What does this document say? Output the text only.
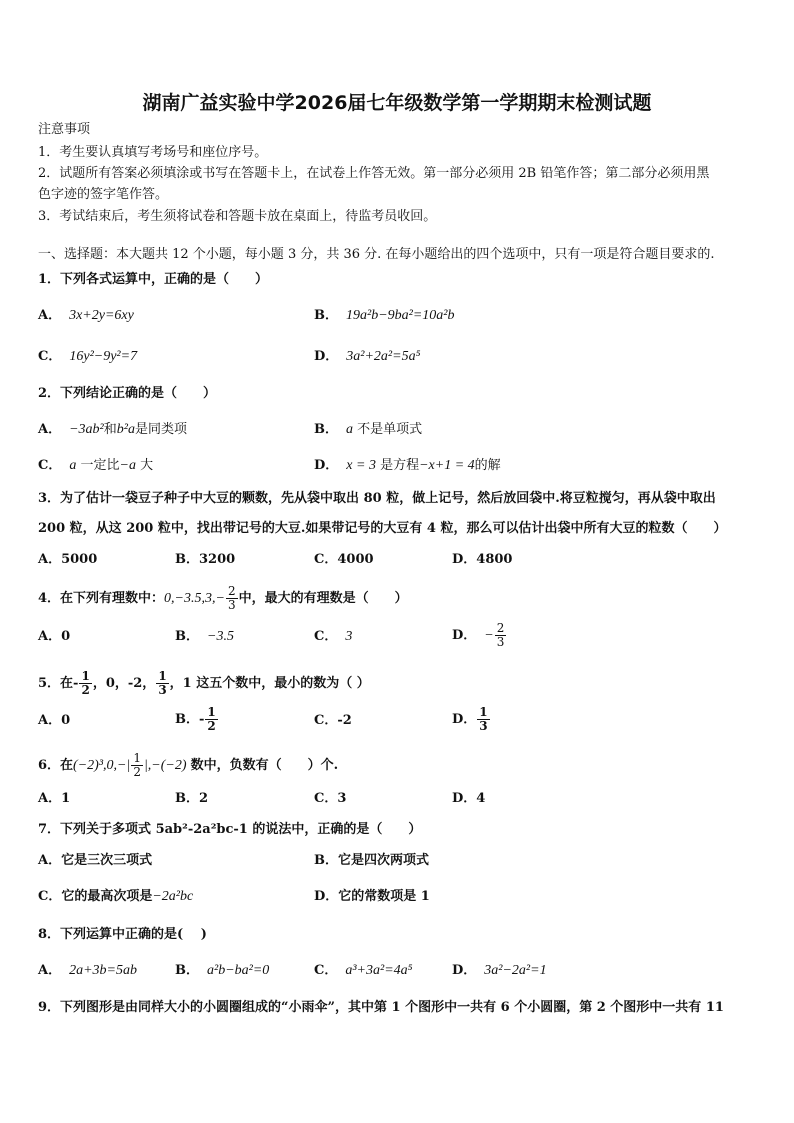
湖南广益实验中学2026届七年级数学第一学期期末检测试题
注意事项
1．考生要认真填写考场号和座位序号。
2．试题所有答案必须填涂或书写在答题卡上，在试卷上作答无效。第一部分必须用 2B 铅笔作答；第二部分必须用黑
色字迹的签字笔作答。
3．考试结束后，考生须将试卷和答题卡放在桌面上，待监考员收回。
一、选择题：本大题共 12 个小题，每小题 3 分，共 36 分. 在每小题给出的四个选项中，只有一项是符合题目要求的.
1．下列各式运算中，正确的是（　　）
A． 3x+2y=6xy	B． 19a²b−9ba²=10a²b
C． 16y²−9y²=7	D． 3a²+2a²=5a⁵
2．下列结论正确的是（　　）
A． −3ab²和b²a是同类项	B． a 不是单项式
C． a 一定比−a 大	D． x = 3 是方程−x+1 = 4的解
3．为了估计一袋豆子种子中大豆的颗数，先从袋中取出 80 粒，做上记号，然后放回袋中.将豆粒搅匀，再从袋中取出
200 粒，从这 200 粒中，找出带记号的大豆.如果带记号的大豆有 4 粒，那么可以估计出袋中所有大豆的粒数（　　）
A．5000	B．3200	C．4000	D．4800
4．在下列有理数中：$0,-3.5,3,- \frac{2}{3}$ 中，最大的有理数是（　　）
A．0	B． −3.5	C． 3	D． − $\frac{2}{3}$
5．在- $\frac{1}{2}$ ，0，-2， $\frac{1}{3}$ ，1 这五个数中，最小的数为（ ）
A．0	B．- $\frac{1}{2}$	C．-2	D． $\frac{1}{3}$
6．在$(-2)^3,0,-| \frac{1}{2} |,-(-2)$ 数中，负数有（　　）个.
A．1	B．2	C．3	D．4
7．下列关于多项式 5ab²-2a²bc-1 的说法中，正确的是（　　）
A．它是三次三项式	B．它是四次两项式
C．它的最高次项是−2a²bc	D．它的常数项是 1
8．下列运算中正确的是(　 )
A． 2a+3b=5ab	B． a²b−ba²=0	C． a³+3a²=4a⁵	D． 3a²−2a²=1
9．下列图形是由同样大小的小圆圈组成的“小雨伞”，其中第 1 个图形中一共有 6 个小圆圈，第 2 个图形中一共有 11
